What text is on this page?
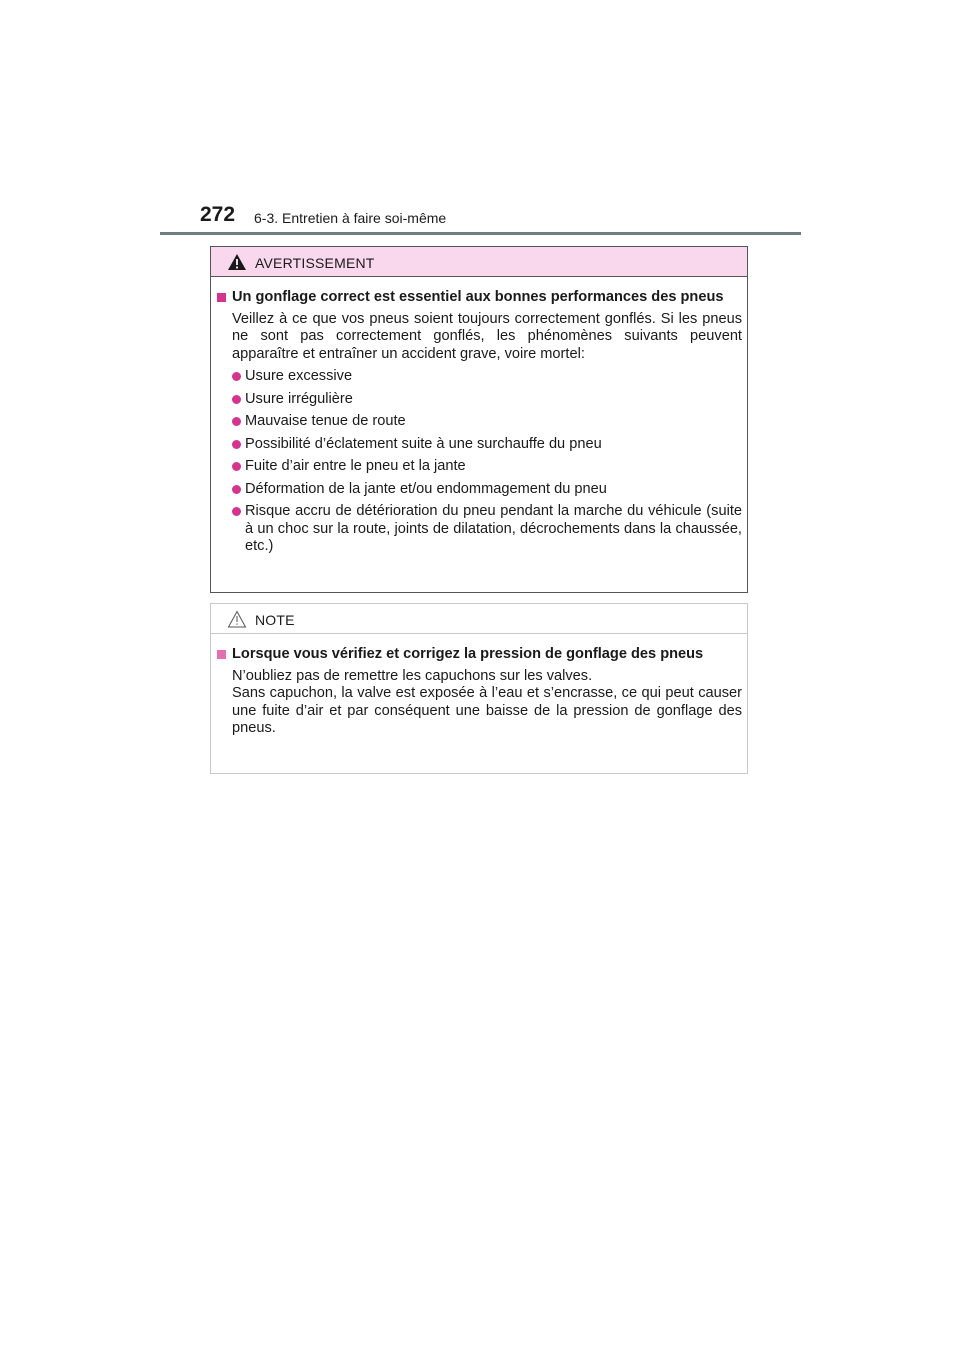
272 6-3. Entretien à faire soi-même
AVERTISSEMENT
Un gonflage correct est essentiel aux bonnes performances des pneus
Veillez à ce que vos pneus soient toujours correctement gonflés. Si les pneus ne sont pas correctement gonflés, les phénomènes suivants peuvent apparaître et entraîner un accident grave, voire mortel:
Usure excessive
Usure irrégulière
Mauvaise tenue de route
Possibilité d’éclatement suite à une surchauffe du pneu
Fuite d’air entre le pneu et la jante
Déformation de la jante et/ou endommagement du pneu
Risque accru de détérioration du pneu pendant la marche du véhicule (suite à un choc sur la route, joints de dilatation, décrochements dans la chaussée, etc.)
NOTE
Lorsque vous vérifiez et corrigez la pression de gonflage des pneus
N’oubliez pas de remettre les capuchons sur les valves.
Sans capuchon, la valve est exposée à l’eau et s’encrasse, ce qui peut causer une fuite d’air et par conséquent une baisse de la pression de gonflage des pneus.
